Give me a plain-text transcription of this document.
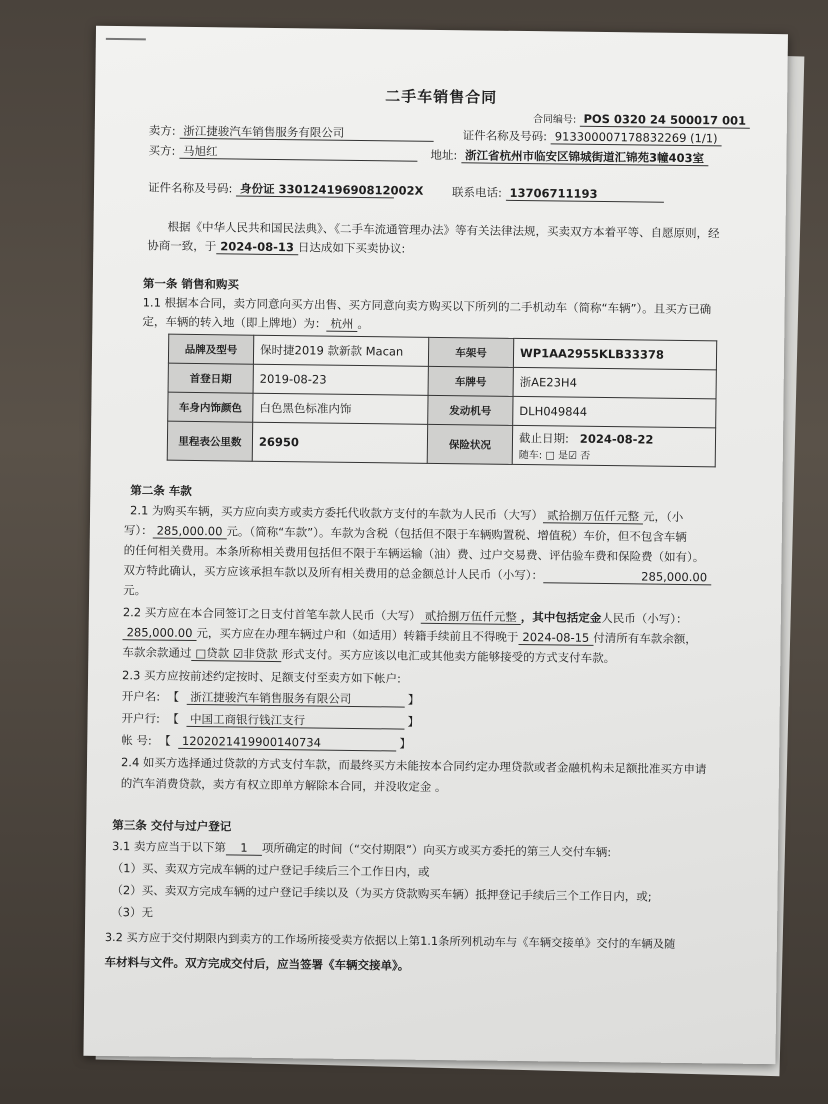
二手车销售合同
合同编号: POS 0320 24 500017 001
卖方: 浙江捷骏汽车销售服务有限公司	证件名称及号码: 913300007178832269 (1/1)
买方: 马旭红	地址: 浙江省杭州市临安区锦城街道汇锦苑3幢403室
证件名称及号码: 身份证 33012419690812002X 联系电话: 13706711193
根据《中华人民共和国民法典》、《二手车流通管理办法》等有关法律法规，买卖双方本着平等、自愿原则，经
协商一致，于 2024-08-13 日达成如下买卖协议:
第一条 销售和购买
1.1 根据本合同，卖方同意向买方出售、买方同意向卖方购买以下所列的二手机动车（简称“车辆”）。且买方已确
定，车辆的转入地（即上牌地）为： 杭州 。
品牌及型号	保时捷2019 款新款 Macan	车架号	WP1AA2955KLB33378
首登日期	2019-08-23	车牌号	浙AE23H4
车身内饰颜色	白色黑色标准内饰	发动机号	DLH049844
里程表公里数	26950	保险状况	截止日期: 2024-08-22
随车: □ 是☑ 否
第二条 车款
2.1 为购买车辆，买方应向卖方或卖方委托代收款方支付的车款为人民币（大写） 贰拾捌万伍仟元整 元，（小
写）： 285,000.00 元。（简称“车款”）。车款为含税（包括但不限于车辆购置税、增值税）车价，但不包含车辆
的任何相关费用。本条所称相关费用包括但不限于车辆运输（油）费、过户交易费、评估验车费和保险费（如有）。
双方特此确认，买方应该承担车款以及所有相关费用的总金额总计人民币（小写）：	285,000.00
元。
2.2 买方应在本合同签订之日支付首笔车款人民币（大写） 贰拾捌万伍仟元整 ，其中包括定金人民币（小写）：
285,000.00 元，买方应在办理车辆过户和（如适用）转籍手续前且不得晚于 2024-08-15 付清所有车款余额，
车款余款通过 □贷款 ☑非贷款 形式支付。买方应该以电汇或其他卖方能够接受的方式支付车款。
2.3 买方应按前述约定按时、足额支付至卖方如下帐户:
开户名:  【  浙江捷骏汽车销售服务有限公司	】
开户行:  【  中国工商银行钱江支行	】
帐 号:  【  1202021419900140734	】
2.4 如买方选择通过贷款的方式支付车款，而最终买方未能按本合同约定办理贷款或者金融机构未足额批准买方申请
的汽车消费贷款，卖方有权立即单方解除本合同，并没收定金 。
第三条 交付与过户登记
3.1 卖方应当于以下第 1 项所确定的时间（“交付期限”）向买方或买方委托的第三人交付车辆:
（1）买、卖双方完成车辆的过户登记手续后三个工作日内，或
（2）买、卖双方完成车辆的过户登记手续以及（为买方贷款购买车辆）抵押登记手续后三个工作日内，或;
（3）无
3.2 买方应于交付期限内到卖方的工作场所接受卖方依据以上第1.1条所列机动车与《车辆交接单》交付的车辆及随
车材料与文件。双方完成交付后，应当签署《车辆交接单》。
